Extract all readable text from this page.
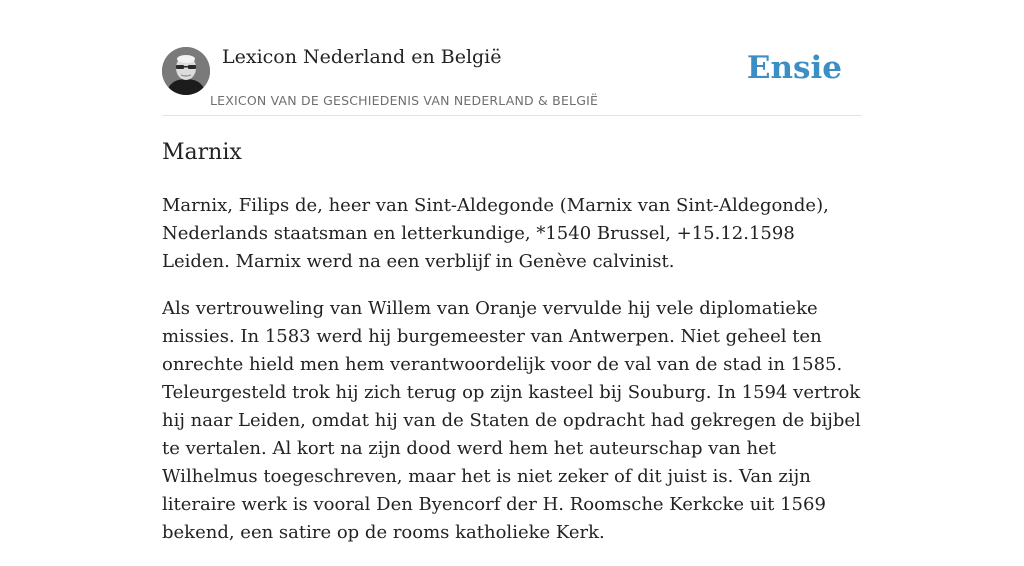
Lexicon Nederland en België
LEXICON VAN DE GESCHIEDENIS VAN NEDERLAND & BELGIË
Ensie
Marnix

Marnix, Filips de, heer van Sint-Aldegonde (Marnix van Sint-Aldegonde), Nederlands staatsman en letterkundige, *1540 Brussel, +15.12.1598 Leiden. Marnix werd na een verblijf in Genève calvinist.

Als vertrouweling van Willem van Oranje vervulde hij vele diplomatieke missies. In 1583 werd hij burgemeester van Antwerpen. Niet geheel ten onrechte hield men hem verantwoordelijk voor de val van de stad in 1585. Teleurgesteld trok hij zich terug op zijn kasteel bij Souburg. In 1594 vertrok hij naar Leiden, omdat hij van de Staten de opdracht had gekregen de bijbel te vertalen. Al kort na zijn dood werd hem het auteurschap van het Wilhelmus toegeschreven, maar het is niet zeker of dit juist is. Van zijn literaire werk is vooral Den Byencorf der H. Roomsche Kerkcke uit 1569 bekend, een satire op de rooms katholieke Kerk.
